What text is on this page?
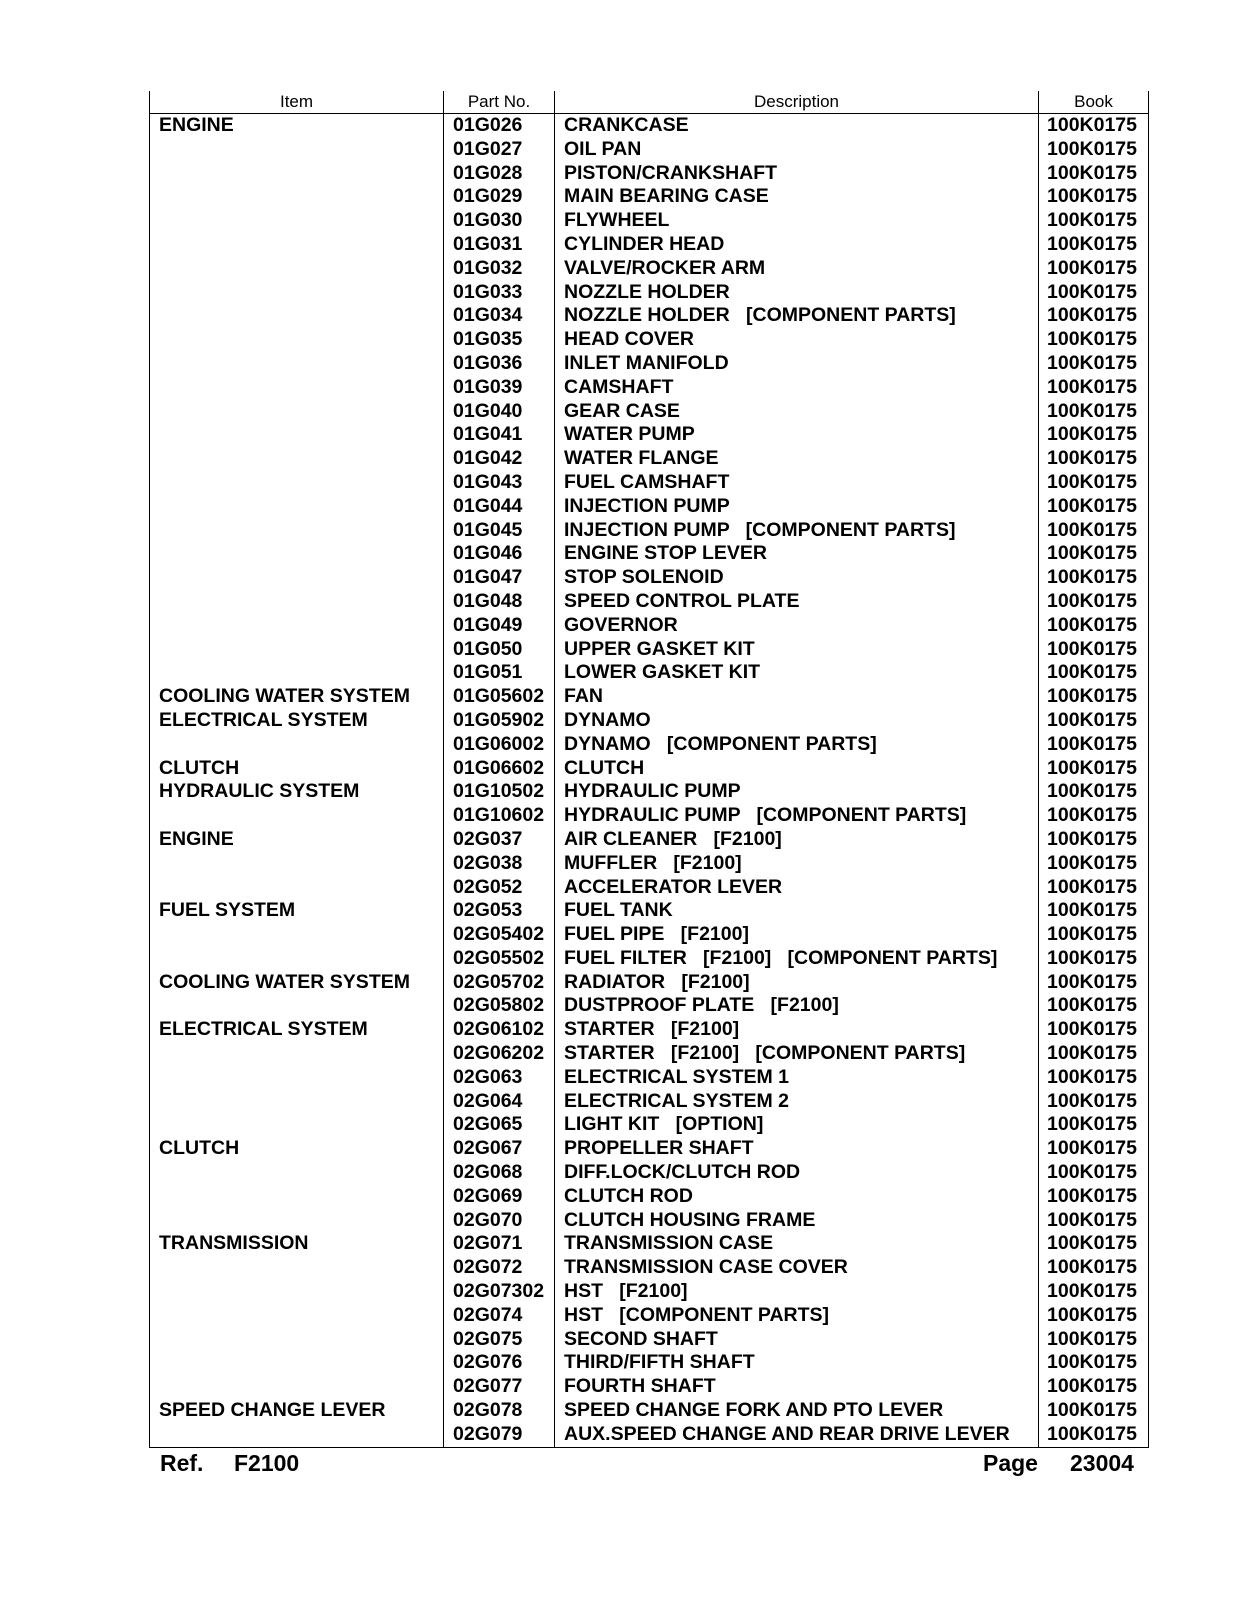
Item	Part No.	Description	Book
ENGINE	01G026	CRANKCASE	100K0175
	01G027	OIL PAN	100K0175
	01G028	PISTON/CRANKSHAFT	100K0175
	01G029	MAIN BEARING CASE	100K0175
	01G030	FLYWHEEL	100K0175
	01G031	CYLINDER HEAD	100K0175
	01G032	VALVE/ROCKER ARM	100K0175
	01G033	NOZZLE HOLDER	100K0175
	01G034	NOZZLE HOLDER   [COMPONENT PARTS]	100K0175
	01G035	HEAD COVER	100K0175
	01G036	INLET MANIFOLD	100K0175
	01G039	CAMSHAFT	100K0175
	01G040	GEAR CASE	100K0175
	01G041	WATER PUMP	100K0175
	01G042	WATER FLANGE	100K0175
	01G043	FUEL CAMSHAFT	100K0175
	01G044	INJECTION PUMP	100K0175
	01G045	INJECTION PUMP   [COMPONENT PARTS]	100K0175
	01G046	ENGINE STOP LEVER	100K0175
	01G047	STOP SOLENOID	100K0175
	01G048	SPEED CONTROL PLATE	100K0175
	01G049	GOVERNOR	100K0175
	01G050	UPPER GASKET KIT	100K0175
	01G051	LOWER GASKET KIT	100K0175
COOLING WATER SYSTEM	01G05602	FAN	100K0175
ELECTRICAL SYSTEM	01G05902	DYNAMO	100K0175
	01G06002	DYNAMO   [COMPONENT PARTS]	100K0175
CLUTCH	01G06602	CLUTCH	100K0175
HYDRAULIC SYSTEM	01G10502	HYDRAULIC PUMP	100K0175
	01G10602	HYDRAULIC PUMP   [COMPONENT PARTS]	100K0175
ENGINE	02G037	AIR CLEANER   [F2100]	100K0175
	02G038	MUFFLER   [F2100]	100K0175
	02G052	ACCELERATOR LEVER	100K0175
FUEL SYSTEM	02G053	FUEL TANK	100K0175
	02G05402	FUEL PIPE   [F2100]	100K0175
	02G05502	FUEL FILTER   [F2100]   [COMPONENT PARTS]	100K0175
COOLING WATER SYSTEM	02G05702	RADIATOR   [F2100]	100K0175
	02G05802	DUSTPROOF PLATE   [F2100]	100K0175
ELECTRICAL SYSTEM	02G06102	STARTER   [F2100]	100K0175
	02G06202	STARTER   [F2100]   [COMPONENT PARTS]	100K0175
	02G063	ELECTRICAL SYSTEM 1	100K0175
	02G064	ELECTRICAL SYSTEM 2	100K0175
	02G065	LIGHT KIT   [OPTION]	100K0175
CLUTCH	02G067	PROPELLER SHAFT	100K0175
	02G068	DIFF.LOCK/CLUTCH ROD	100K0175
	02G069	CLUTCH ROD	100K0175
	02G070	CLUTCH HOUSING FRAME	100K0175
TRANSMISSION	02G071	TRANSMISSION CASE	100K0175
	02G072	TRANSMISSION CASE COVER	100K0175
	02G07302	HST   [F2100]	100K0175
	02G074	HST   [COMPONENT PARTS]	100K0175
	02G075	SECOND SHAFT	100K0175
	02G076	THIRD/FIFTH SHAFT	100K0175
	02G077	FOURTH SHAFT	100K0175
SPEED CHANGE LEVER	02G078	SPEED CHANGE FORK AND PTO LEVER	100K0175
	02G079	AUX.SPEED CHANGE AND REAR DRIVE LEVER	100K0175
Ref. F2100	Page 23004
